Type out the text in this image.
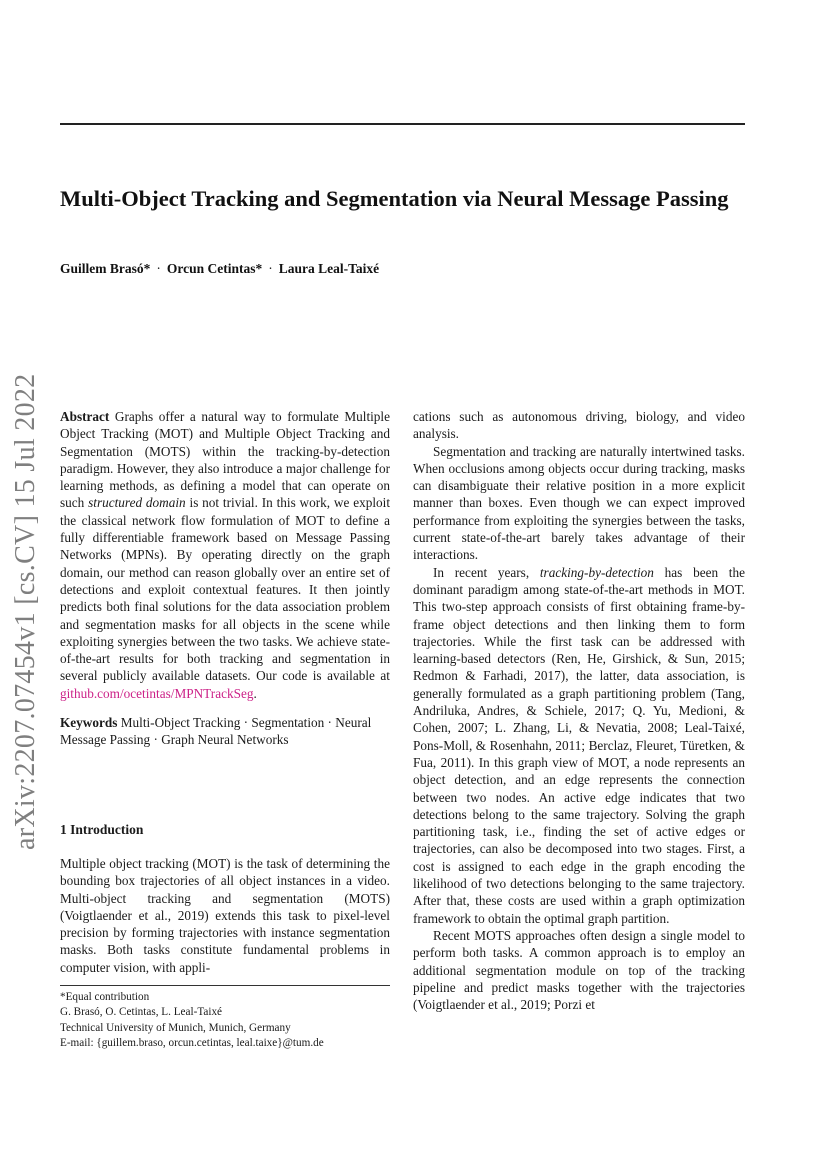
Multi-Object Tracking and Segmentation via Neural Message Passing
Guillem Brasó* · Orcun Cetintas* · Laura Leal-Taixé
arXiv:2207.07454v1 [cs.CV] 15 Jul 2022	Abstract Graphs offer a natural way to formulate Multiple Object Tracking (MOT) and Multiple Object Tracking and Segmentation (MOTS) within the tracking-by-detection paradigm. However, they also introduce a major challenge for learning methods, as defining a model that can operate on such structured domain is not trivial. In this work, we exploit the classical network flow formulation of MOT to define a fully differentiable framework based on Message Passing Networks (MPNs). By operating directly on the graph domain, our method can reason globally over an entire set of detections and exploit contextual features. It then jointly predicts both final solutions for the data association problem and segmentation masks for all objects in the scene while exploiting synergies between the two tasks. We achieve state-of-the-art results for both tracking and segmentation in several publicly available datasets. Our code is available at github.com/ocetintas/MPNTrackSeg.

Keywords Multi-Object Tracking · Segmentation · Neural Message Passing · Graph Neural Networks

1 Introduction
Multiple object tracking (MOT) is the task of determining the bounding box trajectories of all object instances in a video. Multi-object tracking and segmentation (MOTS) (Voigtlaender et al., 2019) extends this task to pixel-level precision by forming trajectories with instance segmentation masks. Both tasks constitute fundamental problems in computer vision, with appli-
*Equal contribution
G. Brasó, O. Cetintas, L. Leal-Taixé
Technical University of Munich, Munich, Germany
E-mail: {guillem.braso, orcun.cetintas, leal.taixe}@tum.de

cations such as autonomous driving, biology, and video analysis.

Segmentation and tracking are naturally intertwined tasks. When occlusions among objects occur during tracking, masks can disambiguate their relative position in a more explicit manner than boxes. Even though we can expect improved performance from exploiting the synergies between the tasks, current state-of-the-art barely takes advantage of their interactions.

In recent years, tracking-by-detection has been the dominant paradigm among state-of-the-art methods in MOT. This two-step approach consists of first obtaining frame-by-frame object detections and then linking them to form trajectories. While the first task can be addressed with learning-based detectors (Ren, He, Girshick, & Sun, 2015; Redmon & Farhadi, 2017), the latter, data association, is generally formulated as a graph partitioning problem (Tang, Andriluka, Andres, & Schiele, 2017; Q. Yu, Medioni, & Cohen, 2007; L. Zhang, Li, & Nevatia, 2008; Leal-Taixé, Pons-Moll, & Rosenhahn, 2011; Berclaz, Fleuret, Türetken, & Fua, 2011). In this graph view of MOT, a node represents an object detection, and an edge represents the connection between two nodes. An active edge indicates that two detections belong to the same trajectory. Solving the graph partitioning task, i.e., finding the set of active edges or trajectories, can also be decomposed into two stages. First, a cost is assigned to each edge in the graph encoding the likelihood of two detections belonging to the same trajectory. After that, these costs are used within a graph optimization framework to obtain the optimal graph partition.

Recent MOTS approaches often design a single model to perform both tasks. A common approach is to employ an additional segmentation module on top of the tracking pipeline and predict masks together with the trajectories (Voigtlaender et al., 2019; Porzi et
